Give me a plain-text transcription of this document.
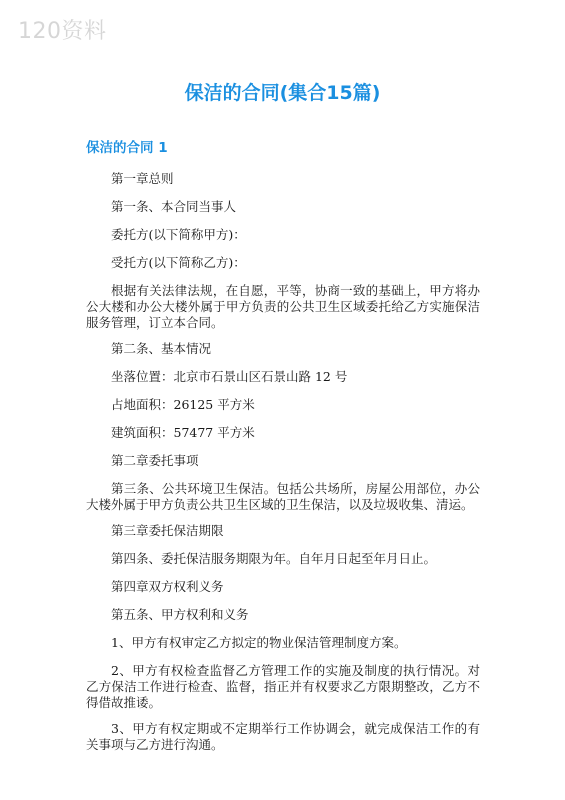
120资料
保洁的合同(集合15篇)
保洁的合同 1

第一章总则

第一条、本合同当事人

委托方(以下简称甲方)：

受托方(以下简称乙方)：

根据有关法律法规，在自愿，平等，协商一致的基础上，甲方将办公大楼和办公大楼外属于甲方负责的公共卫生区域委托给乙方实施保洁服务管理，订立本合同。

第二条、基本情况

坐落位置：北京市石景山区石景山路 12 号

占地面积：26125 平方米

建筑面积：57477 平方米

第二章委托事项

第三条、公共环境卫生保洁。包括公共场所，房屋公用部位，办公大楼外属于甲方负责公共卫生区域的卫生保洁，以及垃圾收集、清运。

第三章委托保洁期限

第四条、委托保洁服务期限为年。自年月日起至年月日止。

第四章双方权利义务

第五条、甲方权利和义务

1、甲方有权审定乙方拟定的物业保洁管理制度方案。

2、甲方有权检查监督乙方管理工作的实施及制度的执行情况。对乙方保洁工作进行检查、监督，指正并有权要求乙方限期整改，乙方不得借故推诿。

3、甲方有权定期或不定期举行工作协调会，就完成保洁工作的有关事项与乙方进行沟通。
